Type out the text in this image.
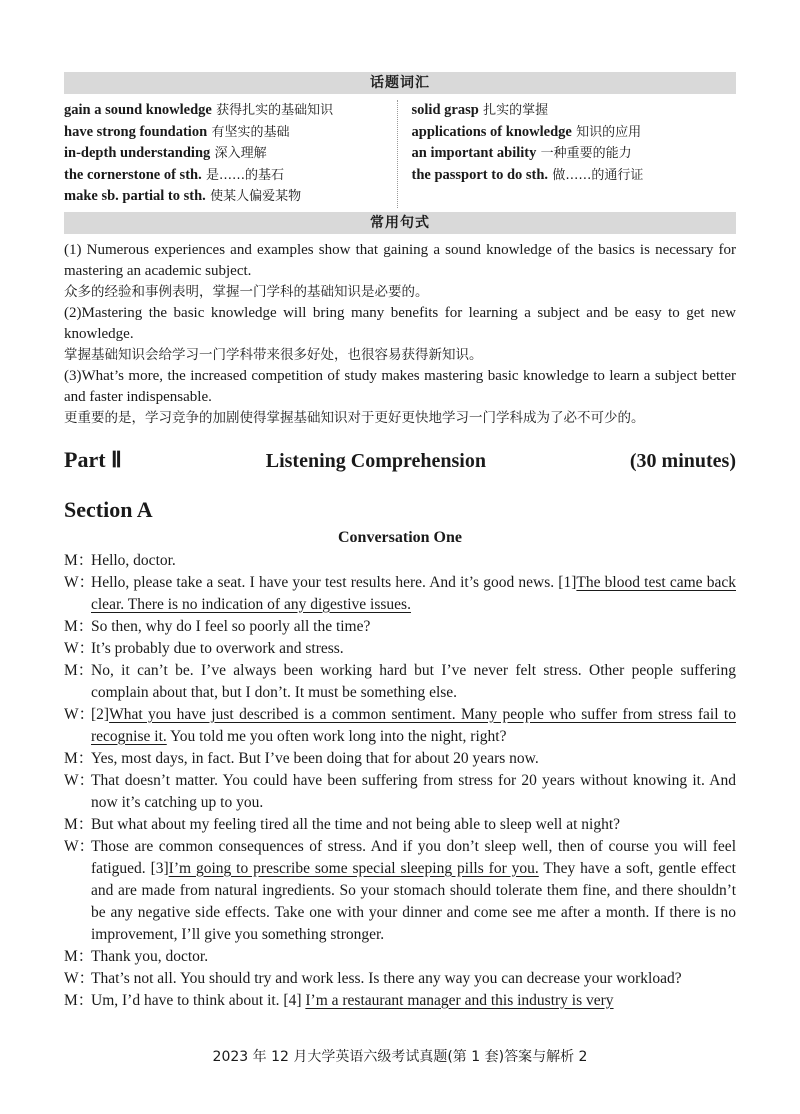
话题词汇
gain a sound knowledge 获得扎实的基础知识
have strong foundation 有坚实的基础
in-depth understanding 深入理解
the cornerstone of sth. 是……的基石
make sb. partial to sth. 使某人偏爱某物
solid grasp 扎实的掌握
applications of knowledge 知识的应用
an important ability 一种重要的能力
the passport to do sth. 做……的通行证
常用句式
(1) Numerous experiences and examples show that gaining a sound knowledge of the basics is necessary for mastering an academic subject.
众多的经验和事例表明，掌握一门学科的基础知识是必要的。
(2)Mastering the basic knowledge will bring many benefits for learning a subject and be easy to get new knowledge.
掌握基础知识会给学习一门学科带来很多好处，也很容易获得新知识。
(3)What’s more, the increased competition of study makes mastering basic knowledge to learn a subject better and faster indispensable.
更重要的是，学习竞争的加剧使得掌握基础知识对于更好更快地学习一门学科成为了必不可少的。
Part Ⅱ	Listening Comprehension	(30 minutes)
Section A
Conversation One
M：
Hello, doctor.
W：
Hello, please take a seat. I have your test results here. And it’s good news. [1]The blood test came back clear. There is no indication of any digestive issues.
M：
So then, why do I feel so poorly all the time?
W：
It’s probably due to overwork and stress.
M：
No, it can’t be. I’ve always been working hard but I’ve never felt stress. Other people suffering complain about that, but I don’t. It must be something else.
W：
[2]What you have just described is a common sentiment. Many people who suffer from stress fail to recognise it. You told me you often work long into the night, right?
M：
Yes, most days, in fact. But I’ve been doing that for about 20 years now.
W：
That doesn’t matter. You could have been suffering from stress for 20 years without knowing it. And now it’s catching up to you.
M：
But what about my feeling tired all the time and not being able to sleep well at night?
W：
Those are common consequences of stress. And if you don’t sleep well, then of course you will feel fatigued. [3]I’m going to prescribe some special sleeping pills for you. They have a soft, gentle effect and are made from natural ingredients. So your stomach should tolerate them fine, and there shouldn’t be any negative side effects. Take one with your dinner and come see me after a month. If there is no improvement, I’ll give you something stronger.
M：
Thank you, doctor.
W：
That’s not all. You should try and work less. Is there any way you can decrease your workload?
M：
Um, I’d have to think about it. [4] I’m a restaurant manager and this industry is very
2023 年 12 月大学英语六级考试真题(第 1 套)答案与解析 2
